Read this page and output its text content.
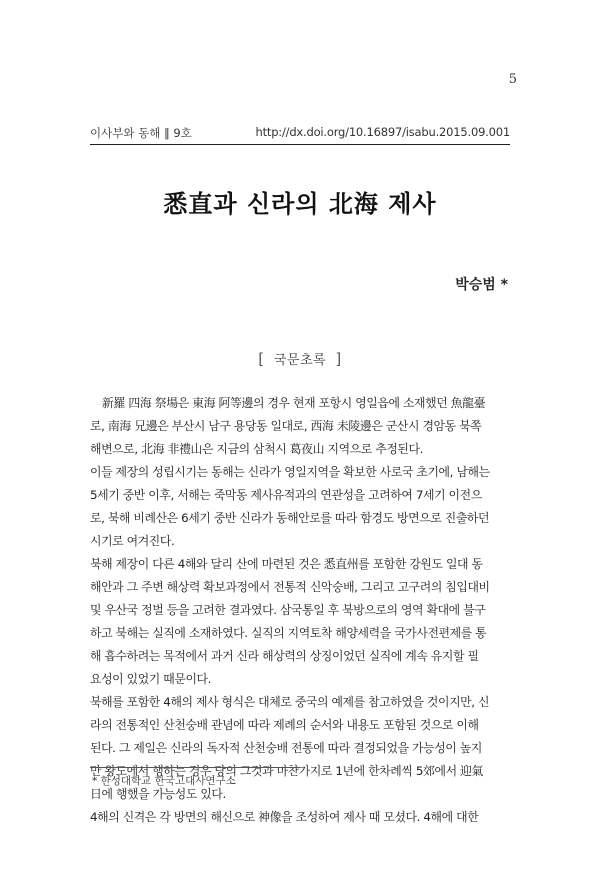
5
이사부와 동해 ‖ 9호	http://dx.doi.org/10.16897/isabu.2015.09.001
悉直과 신라의 北海 제사
박승범 *
[ 국문초록 ]
新羅 四海 祭場은 東海 阿等邊의 경우 현재 포항시 영일읍에 소재했던 魚龍臺
로, 南海 兄邊은 부산시 남구 용당동 일대로, 西海 未陵邊은 군산시 경암동 북쪽
해변으로, 北海 非禮山은 지금의 삼척시 葛夜山 지역으로 추정된다.
이들 제장의 성립시기는 동해는 신라가 영일지역을 확보한 사로국 초기에, 남해는
5세기 중반 이후, 서해는 죽막동 제사유적과의 연관성을 고려하여 7세기 이전으
로, 북해 비례산은 6세기 중반 신라가 동해안로를 따라 함경도 방면으로 진출하던
시기로 여겨진다.
북해 제장이 다른 4해와 달리 산에 마련된 것은 悉直州를 포함한 강원도 일대 동
해안과 그 주변 해상력 확보과정에서 전통적 신악숭배, 그리고 고구려의 침입대비
및 우산국 정벌 등을 고려한 결과였다. 삼국통일 후 북방으로의 영역 확대에 불구
하고 북해는 실직에 소재하였다. 실직의 지역토착 해양세력을 국가사전편제를 통
해 흡수하려는 목적에서 과거 신라 해상력의 상징이었던 실직에 계속 유지할 필
요성이 있었기 때문이다.
북해를 포함한 4해의 제사 형식은 대체로 중국의 예제를 참고하였을 것이지만, 신
라의 전통적인 산천숭배 관념에 따라 제례의 순서와 내용도 포함된 것으로 이해
된다. 그 제일은 신라의 독자적 산천숭배 전통에 따라 결정되었을 가능성이 높지
만 왕도에서 행하는 경우 당의 그것과 마찬가지로 1년에 한차례씩 5郊에서 迎氣
日에 행했을 가능성도 있다.
4해의 신격은 각 방면의 해신으로 神像을 조성하여 제사 때 모셨다. 4해에 대한
* 한성대학교 한국고대사연구소
